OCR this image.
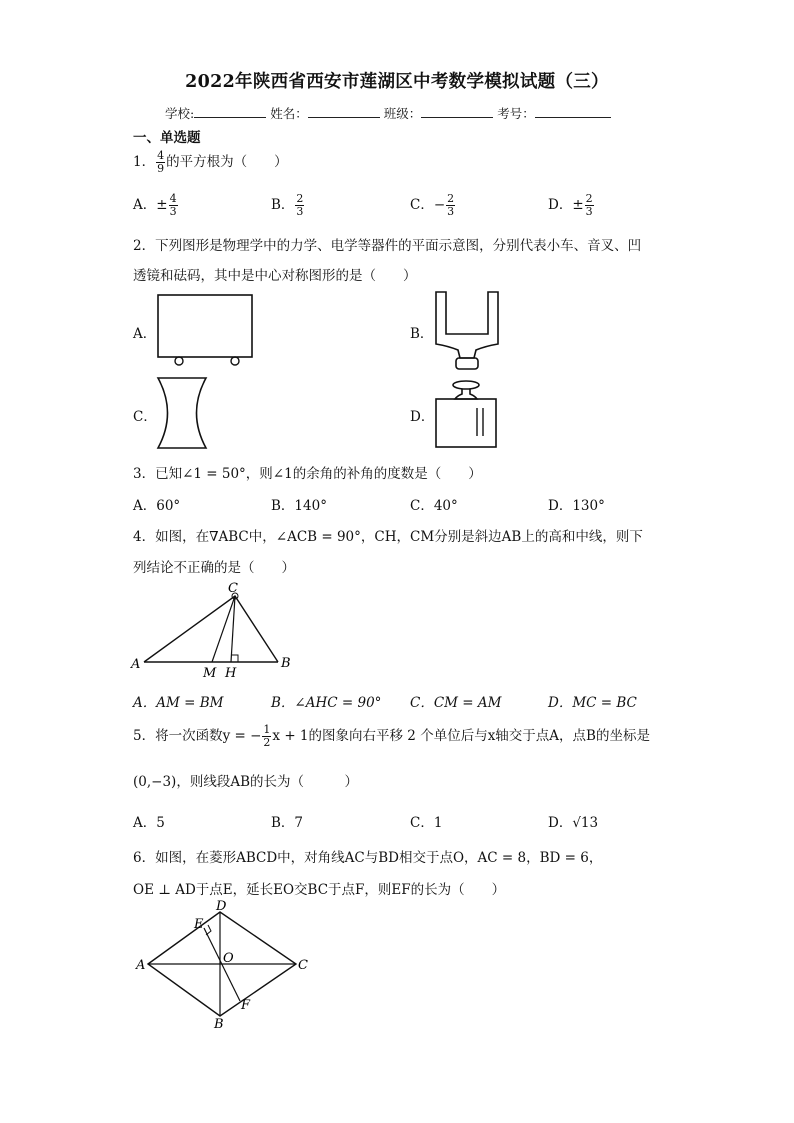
2022年陕西省西安市莲湖区中考数学模拟试题（三）
学校:	姓名：	班级：	考号：
一、单选题
1． $\frac{4}{9}$ 的平方根为（　　）
A．± $\frac{4}{3}$	B． $\frac{2}{3}$	C．− $\frac{2}{3}$	D．± $\frac{2}{3}$
2．下列图形是物理学中的力学、电学等器件的平面示意图，分别代表小车、音叉、凹
透镜和砝码，其中是中心对称图形的是（　　）
A．	B．
C．	D．
3．已知∠1 = 50°，则∠1的余角的补角的度数是（　　）
A．60°	B．140°	C．40°	D．130°
4．如图，在∇ABC中，∠ACB = 90°，CH，CM分别是斜边AB上的高和中线，则下
列结论不正确的是（　　）
A
C
B
M H
A．AM = BM	B．∠AHC = 90° C．CM = AM	D．MC = BC
5．将一次函数y = − $\frac{1}{2}$ x + 1的图象向右平移 2 个单位后与x轴交于点A，点B的坐标是
(0,−3)，则线段AB的长为（　　　）
A．5	B．7	C．1	D．√13
6．如图，在菱形ABCD中，对角线AC与BD相交于点O，AC = 8，BD = 6，
OE ⊥ AD于点E，延长EO交BC于点F，则EF的长为（　　）
A
D
E
O	C
F
B
